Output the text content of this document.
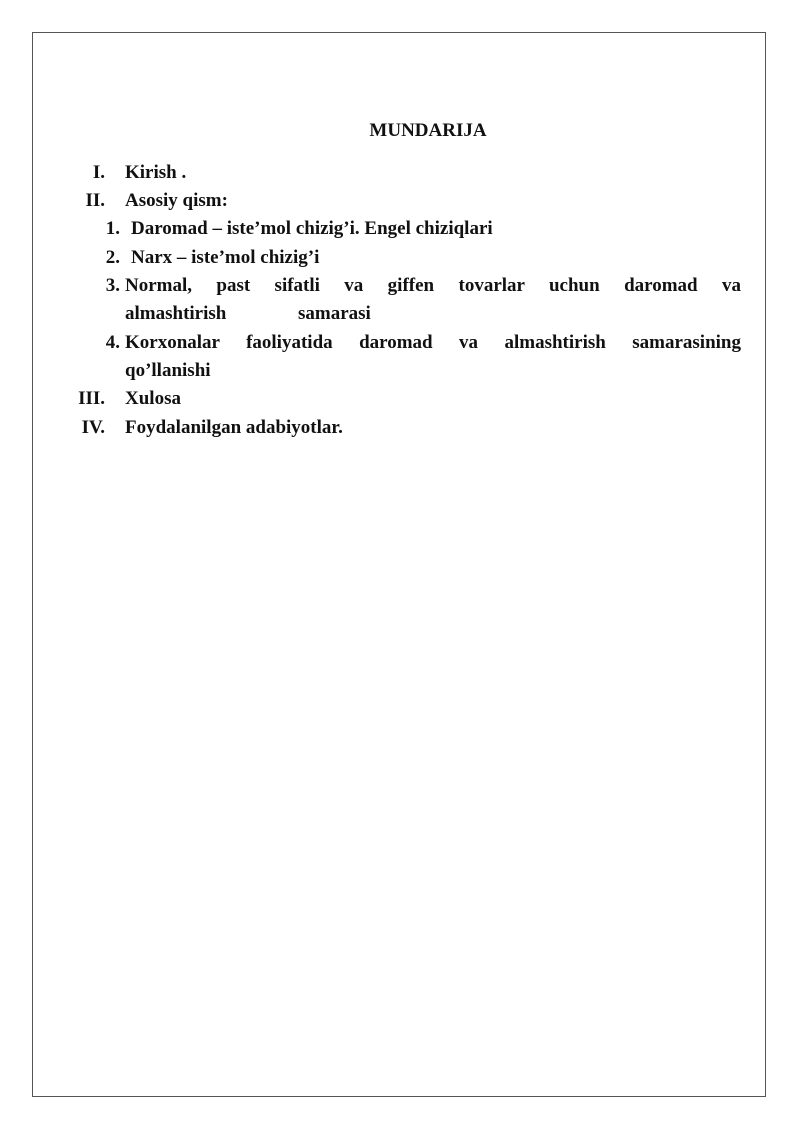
MUNDARIJA
I. Kirish .
II. Asosiy qism:
1. Daromad – iste’mol chizig’i. Engel chiziqlari
2. Narx – iste’mol chizig’i
3. Normal, past sifatli va giffen tovarlar uchun daromad va
almashtirish	samarasi
4. Korxonalar faoliyatida daromad va almashtirish samarasining
qo’llanishi
III. Xulosa
IV. Foydalanilgan adabiyotlar.
